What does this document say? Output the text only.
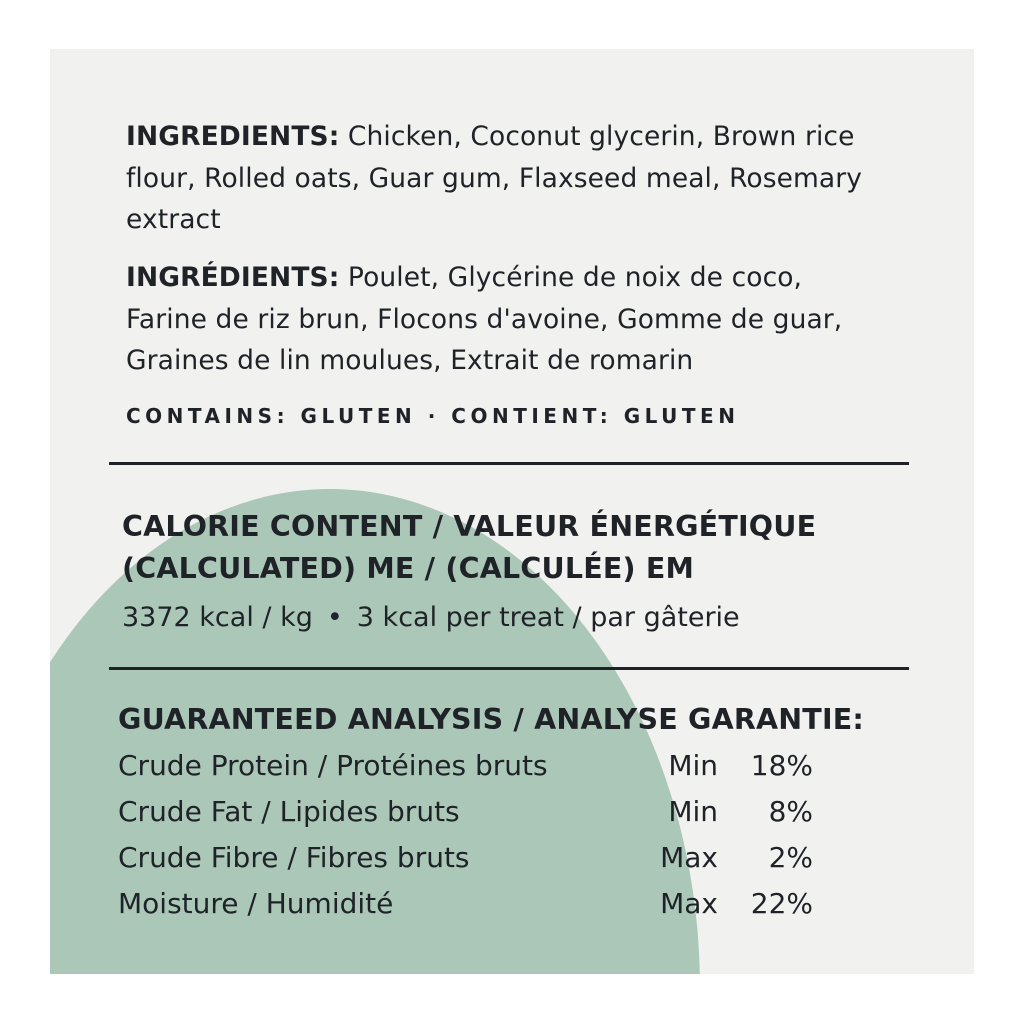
INGREDIENTS: Chicken, Coconut glycerin, Brown rice flour, Rolled oats, Guar gum, Flaxseed meal, Rosemary extract
INGRÉDIENTS: Poulet, Glycérine de noix de coco, Farine de riz brun, Flocons d'avoine, Gomme de guar, Graines de lin moulues, Extrait de romarin
CONTAINS: GLUTEN · CONTIENT: GLUTEN
CALORIE CONTENT / VALEUR ÉNERGÉTIQUE
(CALCULATED) ME / (CALCULÉE) EM
3372 kcal / kg • 3 kcal per treat / par gâterie
GUARANTEED ANALYSIS / ANALYSE GARANTIE:
Crude Protein / Protéines bruts	Min 18%
Crude Fat / Lipides bruts	Min 8%
Crude Fibre / Fibres bruts	Max 2%
Moisture / Humidité	Max 22%
